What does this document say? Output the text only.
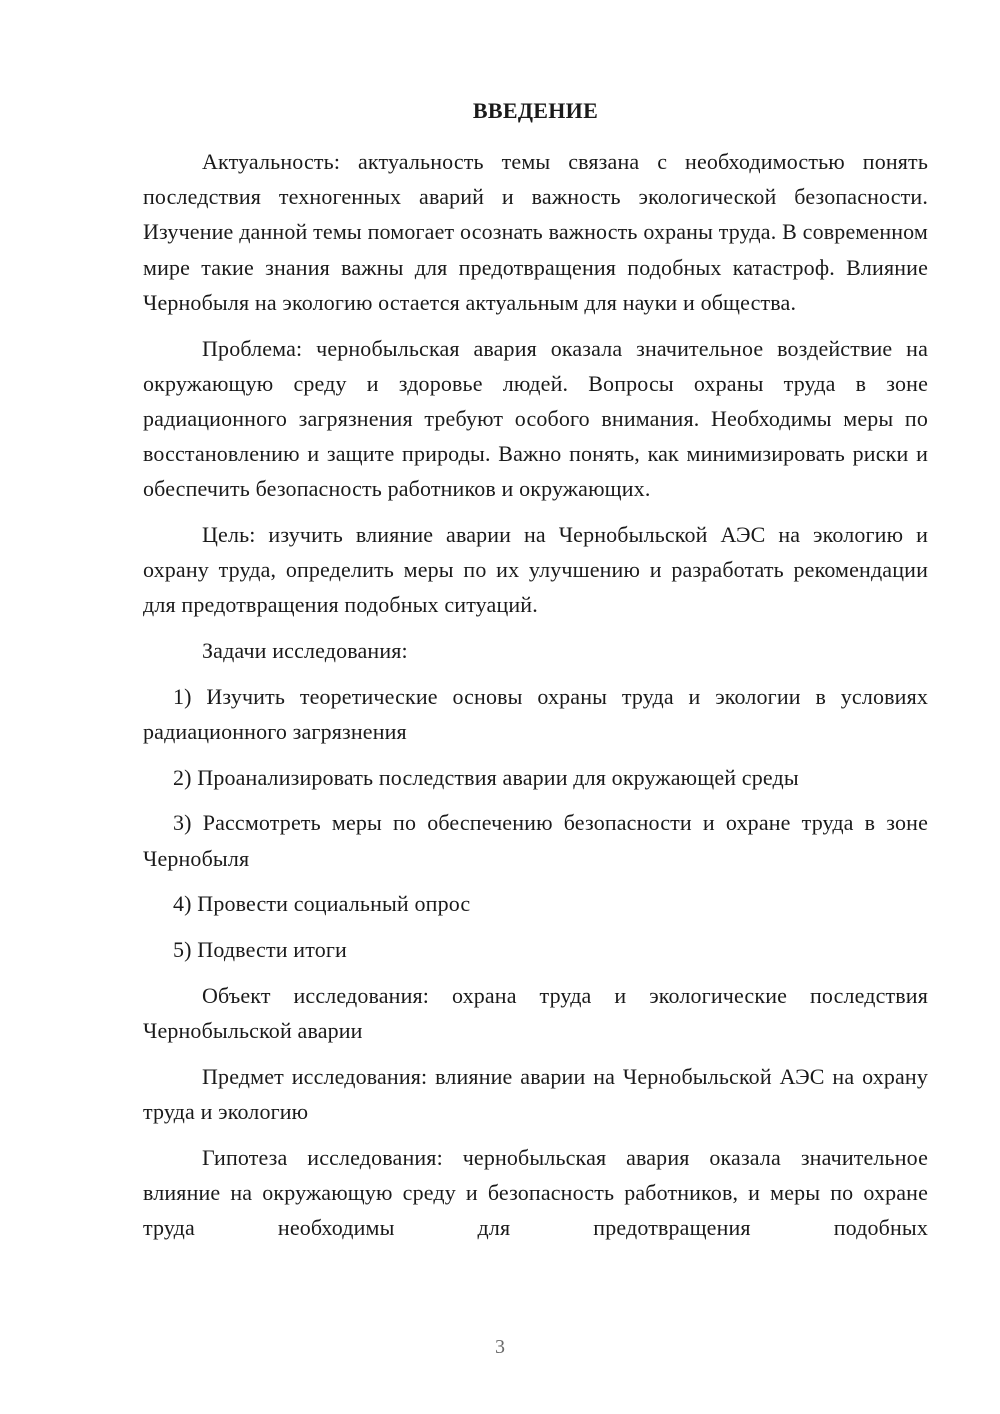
ВВЕДЕНИЕ

Актуальность: актуальность темы связана с необходимостью понять последствия техногенных аварий и важность экологической безопасности. Изучение данной темы помогает осознать важность охраны труда. В современном мире такие знания важны для предотвращения подобных катастроф. Влияние Чернобыля на экологию остается актуальным для науки и общества.

Проблема: чернобыльская авария оказала значительное воздействие на окружающую среду и здоровье людей. Вопросы охраны труда в зоне радиационного загрязнения требуют особого внимания. Необходимы меры по восстановлению и защите природы. Важно понять, как минимизировать риски и обеспечить безопасность работников и окружающих.

Цель: изучить влияние аварии на Чернобыльской АЭС на экологию и охрану труда, определить меры по их улучшению и разработать рекомендации для предотвращения подобных ситуаций.

Задачи исследования:

1) Изучить теоретические основы охраны труда и экологии в условиях радиационного загрязнения

2) Проанализировать последствия аварии для окружающей среды

3) Рассмотреть меры по обеспечению безопасности и охране труда в зоне Чернобыля

4) Провести социальный опрос

5) Подвести итоги

Объект исследования: охрана труда и экологические последствия Чернобыльской аварии

Предмет исследования: влияние аварии на Чернобыльской АЭС на охрану труда и экологию

Гипотеза исследования: чернобыльская авария оказала значительное влияние на окружающую среду и безопасность работников, и меры по охране труда необходимы для предотвращения подобных

3
